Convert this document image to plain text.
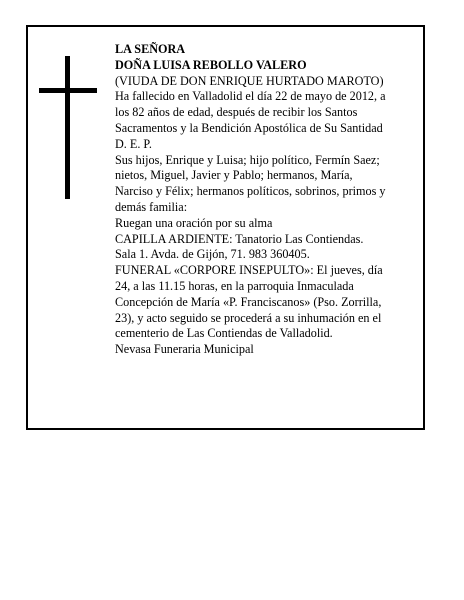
LA SEÑORA
DOÑA LUISA REBOLLO VALERO
(VIUDA DE DON ENRIQUE HURTADO MAROTO)
Ha fallecido en Valladolid el día 22 de mayo de 2012, a
los 82 años de edad, después de recibir los Santos
Sacramentos y la Bendición Apostólica de Su Santidad
D. E. P.
Sus hijos, Enrique y Luisa; hijo político, Fermín Saez;
nietos, Miguel, Javier y Pablo; hermanos, María,
Narciso y Félix; hermanos políticos, sobrinos, primos y
demás familia:
Ruegan una oración por su alma
CAPILLA ARDIENTE: Tanatorio Las Contiendas.
Sala 1. Avda. de Gijón, 71. 983 360405.
FUNERAL «CORPORE INSEPULTO»: El jueves, día
24, a las 11.15 horas, en la parroquia Inmaculada
Concepción de María «P. Franciscanos» (Pso. Zorrilla,
23), y acto seguido se procederá a su inhumación en el
cementerio de Las Contiendas de Valladolid.
Nevasa Funeraria Municipal
